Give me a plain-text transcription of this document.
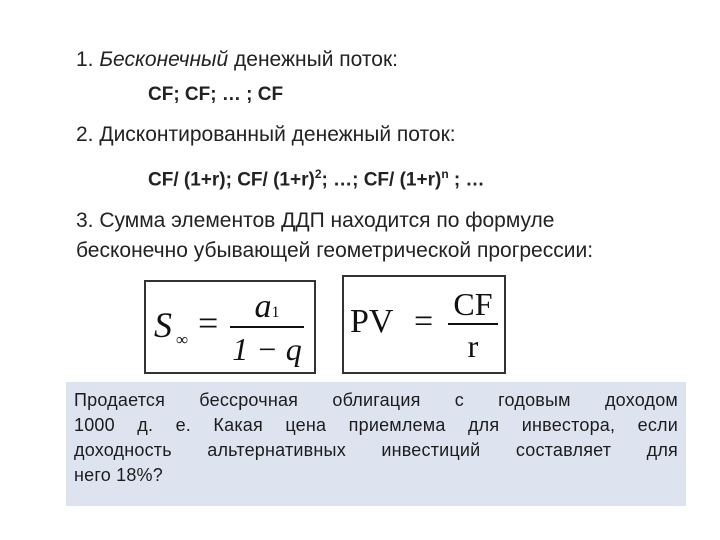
1. Бесконечный денежный поток:
CF; CF; … ; CF
2. Дисконтированный денежный поток:
CF/ (1+r); CF/ $(1+r)^2$; …; CF/ $(1+r)^n$ ; …
3. Сумма элементов ДДП находится по формуле
бесконечно убывающей геометрической прогрессии:
S ∞ = a1
1 − q
PV = CF
r
Продается бессрочная облигация с годовым доходом
1000 д. е. Какая цена приемлема для инвестора, если
доходность альтернативных инвестиций составляет для
него 18%?
